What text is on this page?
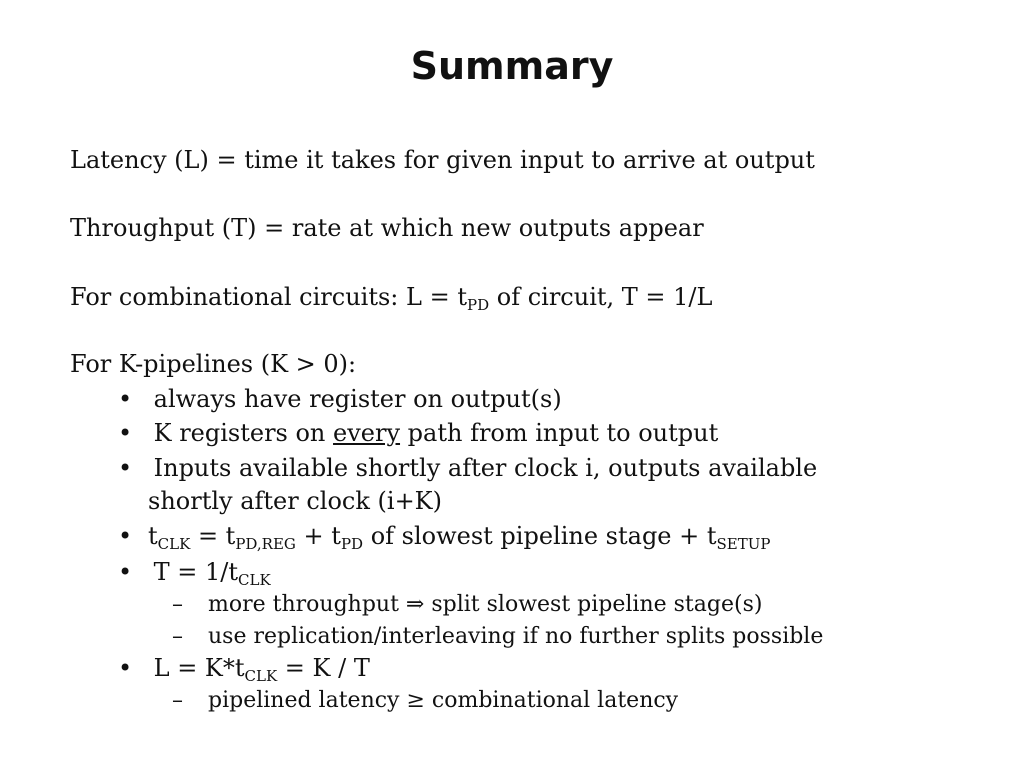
Summary
Latency (L) = time it takes for given input to arrive at output
Throughput (T) = rate at which new outputs appear
For combinational circuits: $L = t_{PD}$ of circuit, T = 1/L
For K-pipelines (K > 0):
• always have register on output(s)
• K registers on every path from input to output
• Inputs available shortly after clock i, outputs available
shortly after clock (i+K)
• $t_{CLK} = t_{PD,REG} + t_{PD}$ of slowest pipeline stage + $t_{SETUP}$
• $T = 1/t_{CLK}$
– more throughput ⇒ split slowest pipeline stage(s)
– use replication/interleaving if no further splits possible
• $L = K*t_{CLK} = K / T$
– pipelined latency ≥ combinational latency
